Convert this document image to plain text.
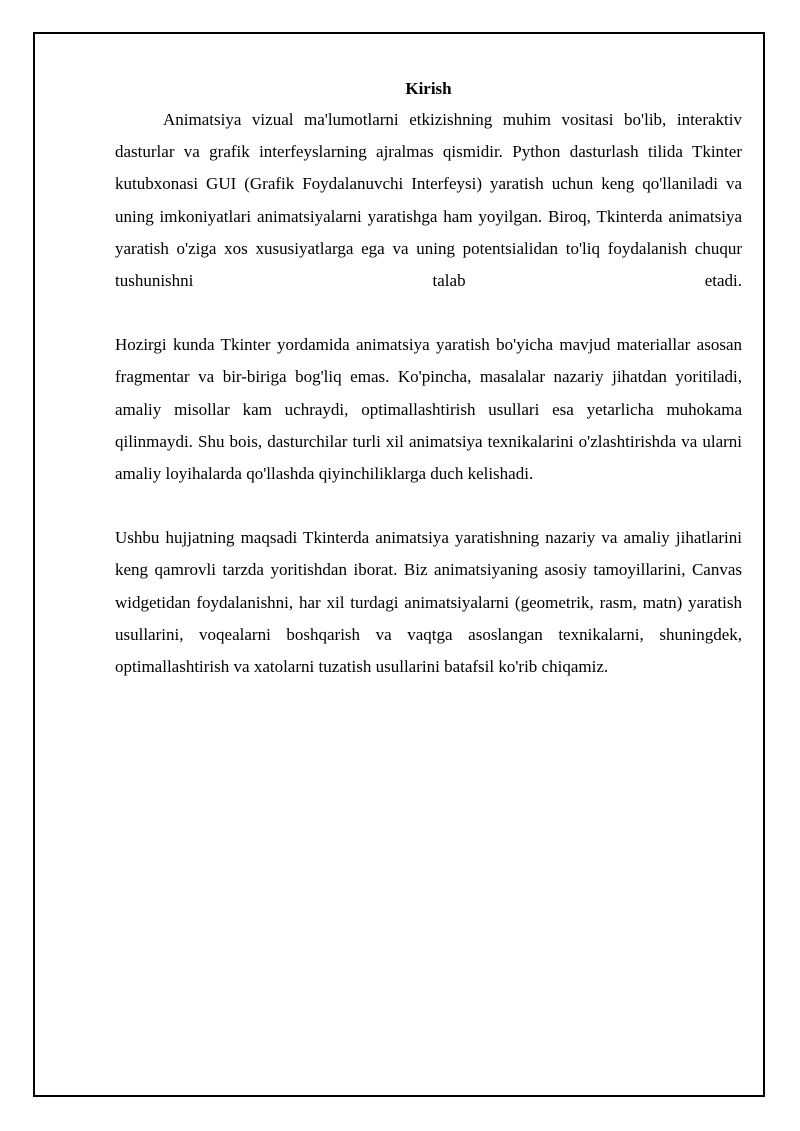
Kirish

Animatsiya vizual ma'lumotlarni etkizishning muhim vositasi bo'lib, interaktiv dasturlar va grafik interfeyslarning ajralmas qismidir. Python dasturlash tilida Tkinter kutubxonasi GUI (Grafik Foydalanuvchi Interfeysi) yaratish uchun keng qo'llaniladi va uning imkoniyatlari animatsiyalarni yaratishga ham yoyilgan. Biroq, Tkinterda animatsiya yaratish o'ziga xos xususiyatlarga ega va uning potentsialidan to'liq foydalanish chuqur tushunishni talab etadi.

Hozirgi kunda Tkinter yordamida animatsiya yaratish bo'yicha mavjud materiallar asosan fragmentar va bir-biriga bog'liq emas. Ko'pincha, masalalar nazariy jihatdan yoritiladi, amaliy misollar kam uchraydi, optimallashtirish usullari esa yetarlicha muhokama qilinmaydi. Shu bois, dasturchilar turli xil animatsiya texnikalarini o'zlashtirishda va ularni amaliy loyihalarda qo'llashda qiyinchiliklarga duch kelishadi.

Ushbu hujjatning maqsadi Tkinterda animatsiya yaratishning nazariy va amaliy jihatlarini keng qamrovli tarzda yoritishdan iborat. Biz animatsiyaning asosiy tamoyillarini, Canvas widgetidan foydalanishni, har xil turdagi animatsiyalarni (geometrik, rasm, matn) yaratish usullarini, voqealarni boshqarish va vaqtga asoslangan texnikalarni, shuningdek, optimallashtirish va xatolarni tuzatish usullarini batafsil ko'rib chiqamiz.
